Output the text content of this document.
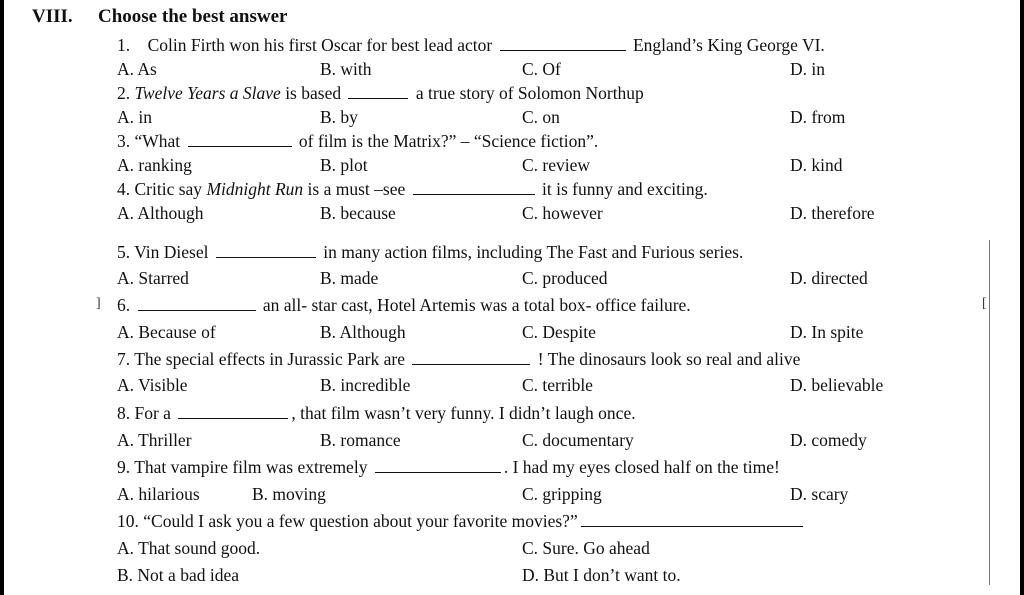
VIII. Choose the best answer
1. Colin Firth won his first Oscar for best lead actor	England’s King George VI.
A. As	B. with	C. Of	D. in
2. Twelve Years a Slave is based	a true story of Solomon Northup
A. in	B. by	C. on	D. from
3. “What	of film is the Matrix?” – “Science fiction”.
A. ranking	B. plot	C. review	D. kind
4. Critic say Midnight Run is a must –see	it is funny and exciting.
A. Although	B. because	C. however	D. therefore
5. Vin Diesel	in many action films, including The Fast and Furious series.
A. Starred	B. made	C. produced	D. directed
] 6.	an all- star cast, Hotel Artemis was a total box- office failure.
A. Because of	B. Although	C. Despite	D. In spite
7. The special effects in Jurassic Park are	! The dinosaurs look so real and alive
A. Visible	B. incredible	C. terrible	D. believable
8. For a	, that film wasn’t very funny. I didn’t laugh once.
A. Thriller	B. romance	C. documentary	D. comedy
9. That vampire film was extremely	. I had my eyes closed half on the time!
A. hilarious	B. moving	C. gripping	D. scary
10. “Could I ask you a few question about your favorite movies?”
A. That sound good.	C. Sure. Go ahead
B. Not a bad idea	D. But I don’t want to.
[
